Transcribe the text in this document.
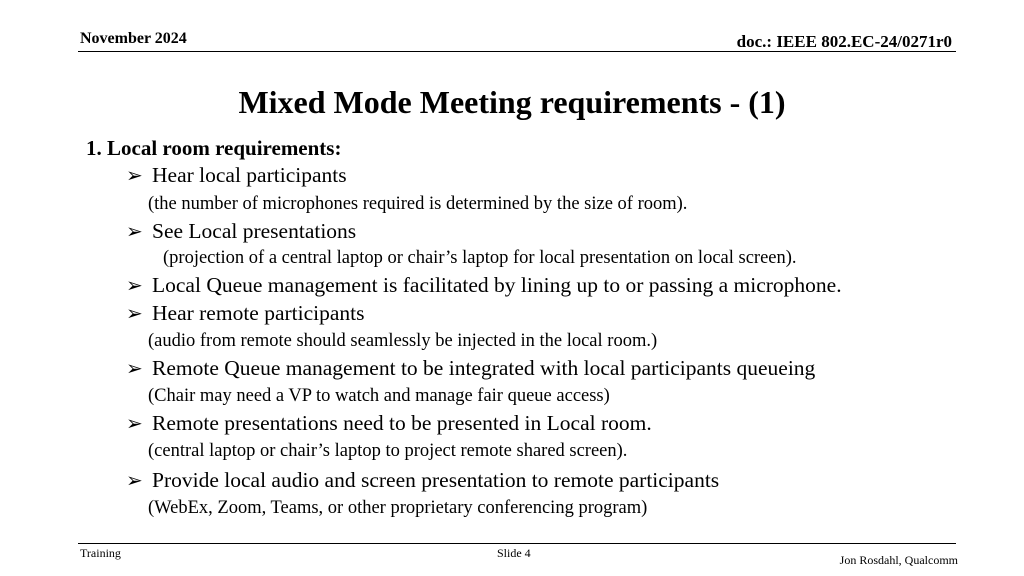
November 2024	doc.: IEEE 802.EC-24/0271r0
Mixed Mode Meeting requirements - (1)
1. Local room requirements:
➢ Hear local participants
(the number of microphones required is determined by the size of room).
➢ See Local presentations
(projection of a central laptop or chair’s laptop for local presentation on local screen).
➢ Local Queue management is facilitated by lining up to or passing a microphone.
➢ Hear remote participants
(audio from remote should seamlessly be injected in the local room.)
➢ Remote Queue management to be integrated with local participants queueing
(Chair may need a VP to watch and manage fair queue access)
➢ Remote presentations need to be presented in Local room.
(central laptop or chair’s laptop to project remote shared screen).
➢ Provide local audio and screen presentation to remote participants
(WebEx, Zoom, Teams, or other proprietary conferencing program)
Training	Slide 4	Jon Rosdahl, Qualcomm
